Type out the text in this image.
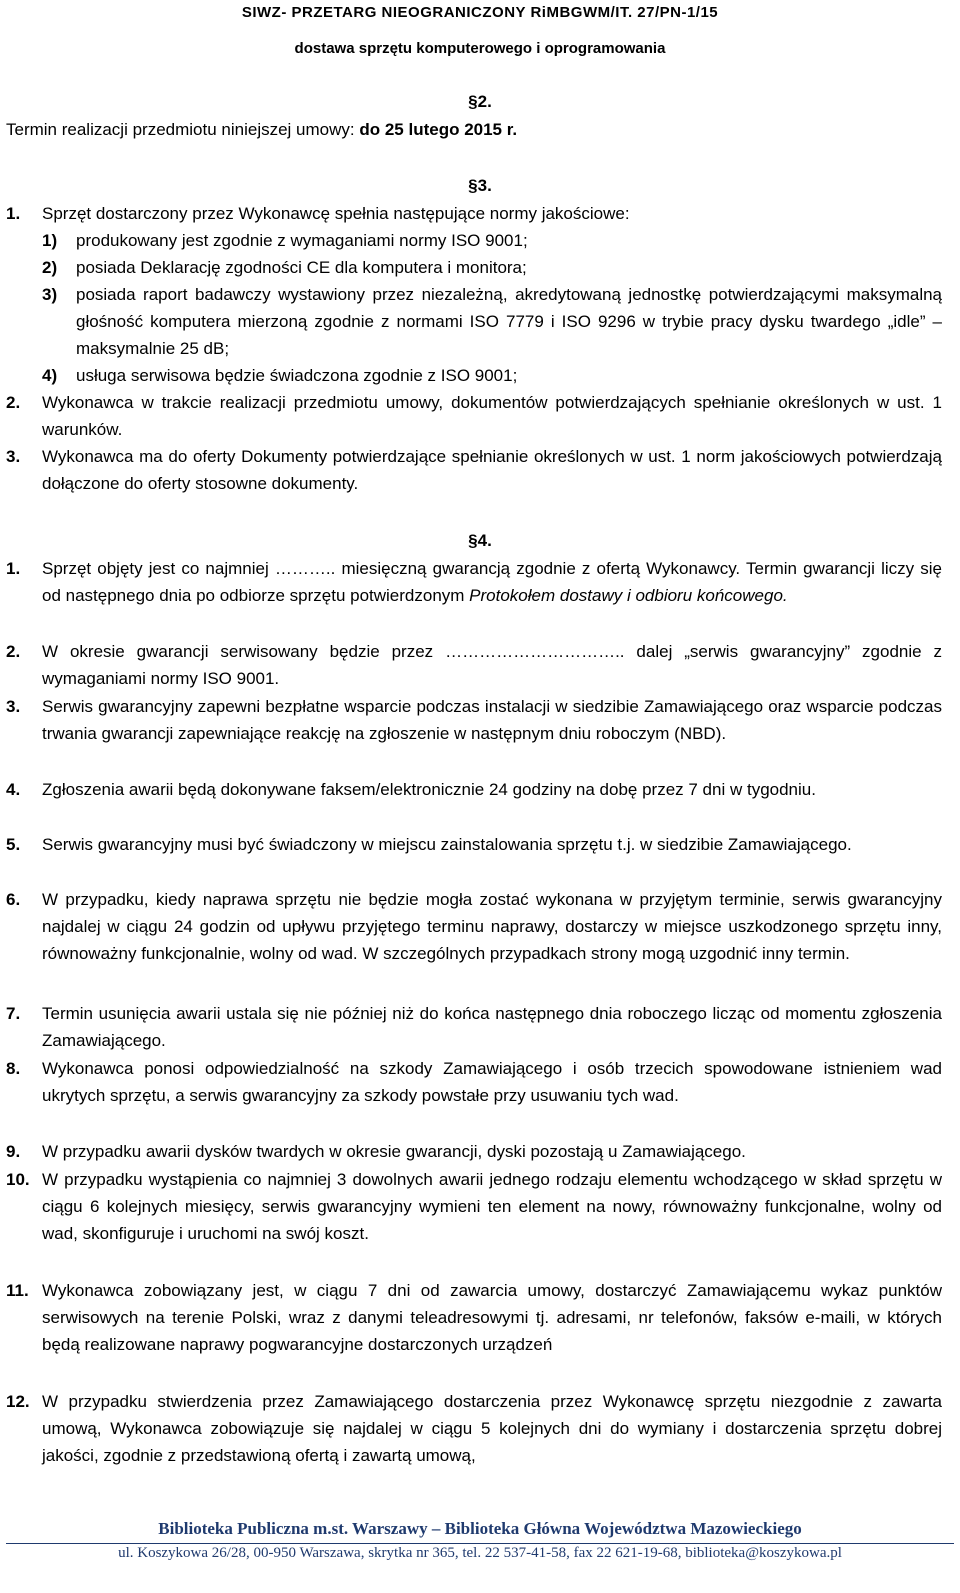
SIWZ- PRZETARG NIEOGRANICZONY RiMBGWM/IT. 27/PN-1/15
dostawa sprzętu komputerowego i oprogramowania
§2.
Termin realizacji przedmiotu niniejszej umowy: do 25 lutego 2015 r.
§3.
1.	Sprzęt dostarczony przez Wykonawcę spełnia następujące normy jakościowe:
1) produkowany jest zgodnie z wymaganiami normy ISO 9001;
2) posiada Deklarację zgodności CE dla komputera i monitora;
3) posiada raport badawczy wystawiony przez niezależną, akredytowaną jednostkę potwierdzającymi maksymalną głośność komputera mierzoną zgodnie z normami ISO 7779 i ISO 9296 w trybie pracy dysku twardego „idle” – maksymalnie 25 dB;
4) usługa serwisowa będzie świadczona zgodnie z ISO 9001;
2.	Wykonawca w trakcie realizacji przedmiotu umowy, dokumentów potwierdzających spełnianie określonych w ust. 1 warunków.
3.	Wykonawca ma do oferty Dokumenty potwierdzające spełnianie określonych w ust. 1 norm jakościowych potwierdzają dołączone do oferty stosowne dokumenty.
§4.
1.	Sprzęt objęty jest co najmniej ……….. miesięczną gwarancją zgodnie z ofertą Wykonawcy. Termin gwarancji liczy się od następnego dnia po odbiorze sprzętu potwierdzonym Protokołem dostawy i odbioru końcowego.
2.	W okresie gwarancji serwisowany będzie przez ………………………….. dalej „serwis gwarancyjny” zgodnie z wymaganiami normy ISO 9001.
3.	Serwis gwarancyjny zapewni bezpłatne wsparcie podczas instalacji w siedzibie Zamawiającego oraz wsparcie podczas trwania gwarancji zapewniające reakcję na zgłoszenie w następnym dniu roboczym (NBD).
4.	Zgłoszenia awarii będą dokonywane faksem/elektronicznie 24 godziny na dobę przez 7 dni w tygodniu.
5.	Serwis gwarancyjny musi być świadczony w miejscu zainstalowania sprzętu t.j. w siedzibie Zamawiającego.
6.	W przypadku, kiedy naprawa sprzętu nie będzie mogła zostać wykonana w przyjętym terminie, serwis gwarancyjny najdalej w ciągu 24 godzin od upływu przyjętego terminu naprawy, dostarczy w miejsce uszkodzonego sprzętu inny, równoważny funkcjonalnie, wolny od wad. W szczególnych przypadkach strony mogą uzgodnić inny termin.
7.	Termin usunięcia awarii ustala się nie później niż do końca następnego dnia roboczego licząc od momentu zgłoszenia Zamawiającego.
8.	Wykonawca ponosi odpowiedzialność na szkody Zamawiającego i osób trzecich spowodowane istnieniem wad ukrytych sprzętu, a serwis gwarancyjny za szkody powstałe przy usuwaniu tych wad.
9.	W przypadku awarii dysków twardych w okresie gwarancji, dyski pozostają u Zamawiającego.
10. W przypadku wystąpienia co najmniej 3 dowolnych awarii jednego rodzaju elementu wchodzącego w skład sprzętu w ciągu 6 kolejnych miesięcy, serwis gwarancyjny wymieni ten element na nowy, równoważny funkcjonalne, wolny od wad, skonfiguruje i uruchomi na swój koszt.
11. Wykonawca zobowiązany jest, w ciągu 7 dni od zawarcia umowy, dostarczyć Zamawiającemu wykaz punktów serwisowych na terenie Polski, wraz z danymi teleadresowymi tj. adresami, nr telefonów, faksów e-maili, w których będą realizowane naprawy pogwarancyjne dostarczonych urządzeń
12. W przypadku stwierdzenia przez Zamawiającego dostarczenia przez Wykonawcę sprzętu niezgodnie z zawarta umową, Wykonawca zobowiązuje się najdalej w ciągu 5 kolejnych dni do wymiany i dostarczenia sprzętu dobrej jakości, zgodnie z przedstawioną ofertą i zawartą umową,
Biblioteka Publiczna m.st. Warszawy – Biblioteka Główna Województwa Mazowieckiego
ul. Koszykowa 26/28, 00-950 Warszawa, skrytka nr 365, tel. 22 537-41-58, fax 22 621-19-68, biblioteka@koszykowa.pl
